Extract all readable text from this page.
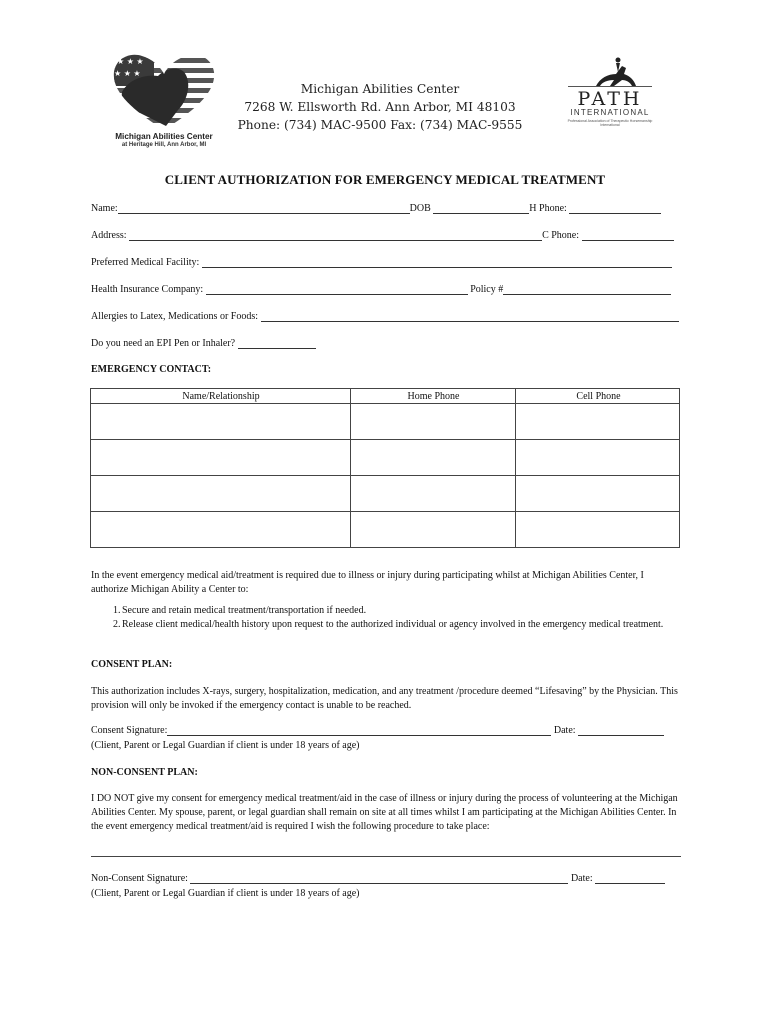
★ ★ ★
★ ★ ★
Michigan Abilities Center
at Heritage Hill, Ann Arbor, MI
Michigan Abilities Center
7268 W. Ellsworth Rd. Ann Arbor, MI 48103
Phone: (734) MAC-9500 Fax: (734) MAC-9555
PATH
INTERNATIONAL
Professional Association of Therapeutic Horsemanship International
CLIENT AUTHORIZATION FOR EMERGENCY MEDICAL TREATMENT
Name:	DOB	H Phone:
Address:	C Phone:
Preferred Medical Facility:
Health Insurance Company:	Policy #
Allergies to Latex, Medications or Foods:
Do you need an EPI Pen or Inhaler?
EMERGENCY CONTACT:
Name/Relationship	Home Phone	Cell Phone
In the event emergency medical aid/treatment is required due to illness or injury during participating whilst at Michigan Abilities Center, I authorize Michigan Ability a Center to:
1. Secure and retain medical treatment/transportation if needed.
2. Release client medical/health history upon request to the authorized individual or agency involved in the emergency medical treatment.
CONSENT PLAN:
This authorization includes X-rays, surgery, hospitalization, medication, and any treatment /procedure deemed “Lifesaving” by the Physician. This provision will only be invoked if the emergency contact is unable to be reached.
Consent Signature:	Date:
(Client, Parent or Legal Guardian if client is under 18 years of age)
NON-CONSENT PLAN:
I DO NOT give my consent for emergency medical treatment/aid in the case of illness or injury during the process of volunteering at the Michigan Abilities Center. My spouse, parent, or legal guardian shall remain on site at all times whilst I am participating at the Michigan Abilities Center. In the event emergency medical treatment/aid is required I wish the following procedure to take place:
Non-Consent Signature:	Date:
(Client, Parent or Legal Guardian if client is under 18 years of age)
